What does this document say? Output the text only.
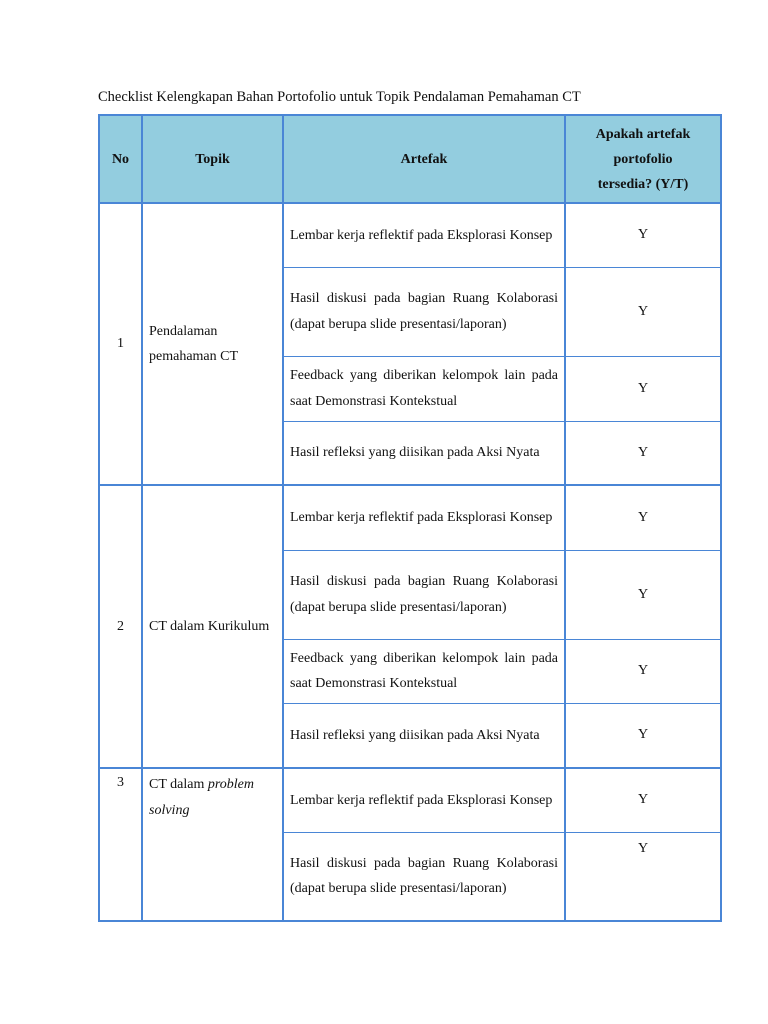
Checklist Kelengkapan Bahan Portofolio untuk Topik Pendalaman Pemahaman CT
No	Topik	Artefak	Apakah artefak portofolio tersedia? (Y/T)
1	Pendalaman pemahaman CT	Lembar kerja reflektif pada Eksplorasi Konsep	Y
		Hasil diskusi pada bagian Ruang Kolaborasi (dapat berupa slide presentasi/laporan)	Y
		Feedback yang diberikan kelompok lain pada saat Demonstrasi Kontekstual	Y
		Hasil refleksi yang diisikan pada Aksi Nyata	Y
2	CT dalam Kurikulum	Lembar kerja reflektif pada Eksplorasi Konsep	Y
		Hasil diskusi pada bagian Ruang Kolaborasi (dapat berupa slide presentasi/laporan)	Y
		Feedback yang diberikan kelompok lain pada saat Demonstrasi Kontekstual	Y
		Hasil refleksi yang diisikan pada Aksi Nyata	Y
3	CT dalam problem solving	Lembar kerja reflektif pada Eksplorasi Konsep	Y
		Hasil diskusi pada bagian Ruang Kolaborasi (dapat berupa slide presentasi/laporan)	Y
